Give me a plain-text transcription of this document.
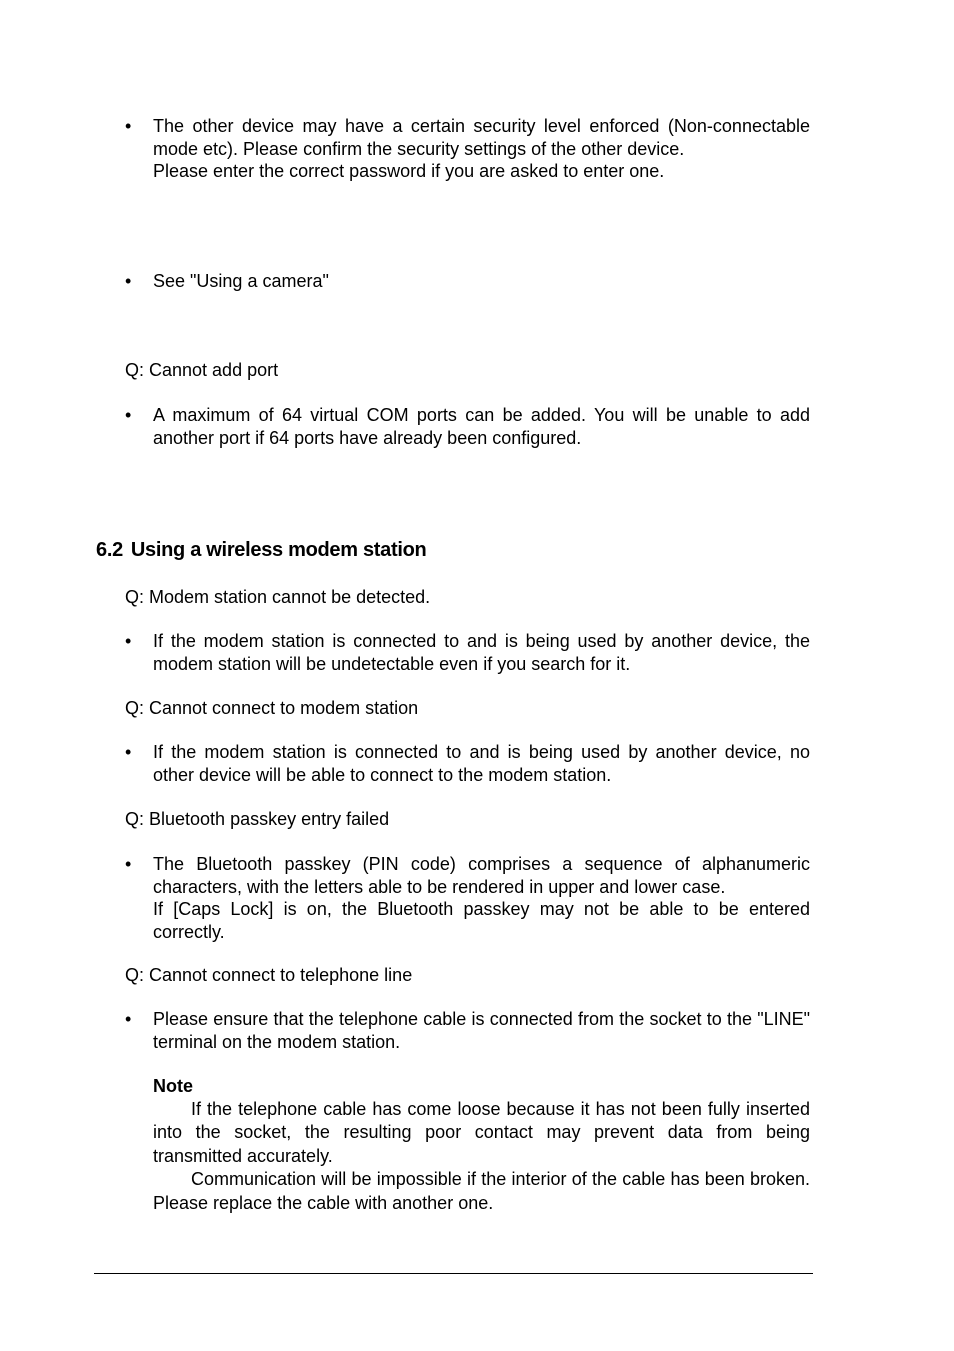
• The other device may have a certain security level enforced (Non-connectable mode etc). Please confirm the security settings of the other device.

Please enter the correct password if you are asked to enter one.

• See "Using a camera"

Q: Cannot add port
• A maximum of 64 virtual COM ports can be added. You will be unable to add another port if 64 ports have already been configured.

6.2 Using a wireless modem station
Q: Modem station cannot be detected.
• If the modem station is connected to and is being used by another device, the modem station will be undetectable even if you search for it.

Q: Cannot connect to modem station
• If the modem station is connected to and is being used by another device, no other device will be able to connect to the modem station.

Q: Bluetooth passkey entry failed
• The Bluetooth passkey (PIN code) comprises a sequence of alphanumeric characters, with the letters able to be rendered in upper and lower case.

If [Caps Lock] is on, the Bluetooth passkey may not be able to be entered correctly.

Q: Cannot connect to telephone line
• Please ensure that the telephone cable is connected from the socket to the "LINE" terminal on the modem station.

Note

If the telephone cable has come loose because it has not been fully inserted     into the socket, the resulting poor contact may prevent data from being  transmitted accurately.

Communication will be impossible if the interior of the cable has been broken.      Please replace the cable with another one.
